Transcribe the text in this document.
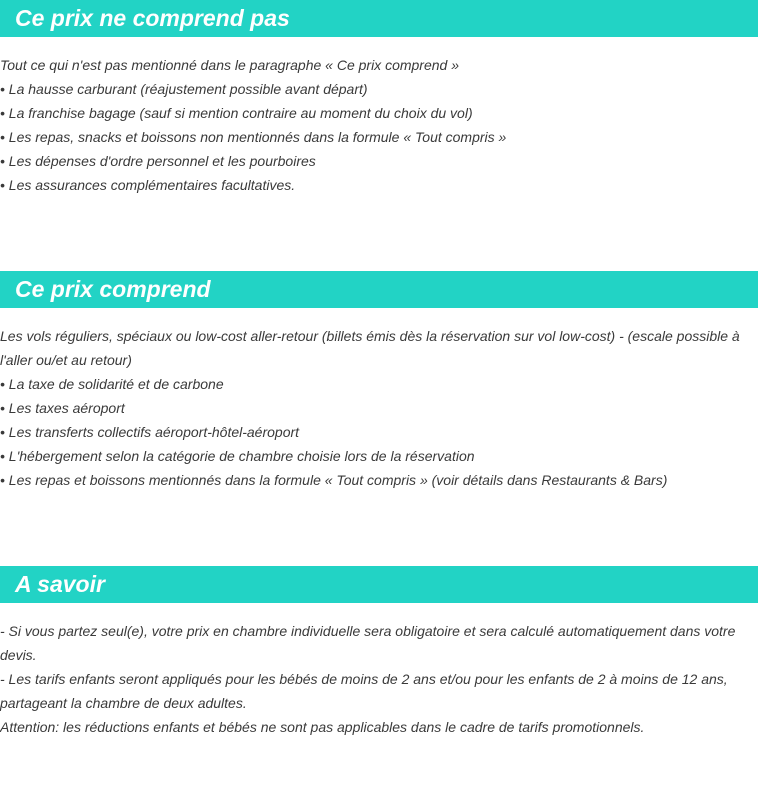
Ce prix ne comprend pas
Tout ce qui n'est pas mentionné dans le paragraphe « Ce prix comprend »
• La hausse carburant (réajustement possible avant départ)
• La franchise bagage (sauf si mention contraire au moment du choix du vol)
• Les repas, snacks et boissons non mentionnés dans la formule « Tout compris »
• Les dépenses d'ordre personnel et les pourboires
• Les assurances complémentaires facultatives.
Ce prix comprend
Les vols réguliers, spéciaux ou low-cost aller-retour (billets émis dès la réservation sur vol low-cost) - (escale possible à l'aller ou/et au retour)
• La taxe de solidarité et de carbone
• Les taxes aéroport
• Les transferts collectifs aéroport-hôtel-aéroport
• L'hébergement selon la catégorie de chambre choisie lors de la réservation
• Les repas et boissons mentionnés dans la formule « Tout compris » (voir détails dans Restaurants & Bars)
A savoir
- Si vous partez seul(e), votre prix en chambre individuelle sera obligatoire et sera calculé automatiquement dans votre devis.
- Les tarifs enfants seront appliqués pour les bébés de moins de 2 ans et/ou pour les enfants de 2 à moins de 12 ans, partageant la chambre de deux adultes.
Attention: les réductions enfants et bébés ne sont pas applicables dans le cadre de tarifs promotionnels.
